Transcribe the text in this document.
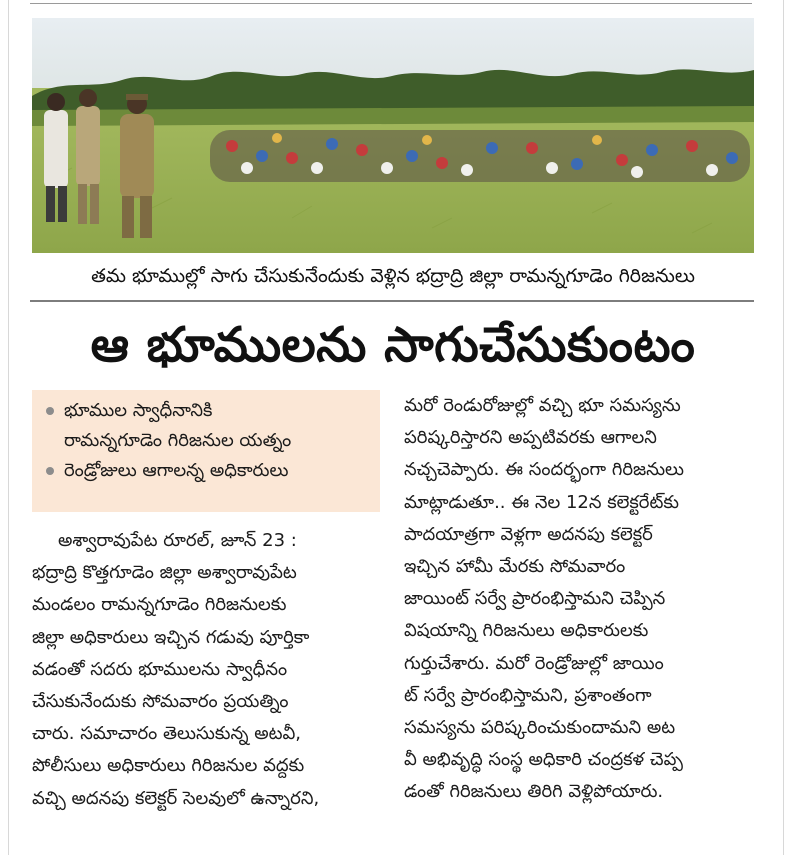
తమ భూముల్లో సాగు చేసుకునేందుకు వెళ్లిన భద్రాద్రి జిల్లా రామన్నగూడెం గిరిజనులు
ఆ భూములను సాగుచేసుకుంటం
భూముల స్వాధీనానికి
రామన్నగూడెం గిరిజనుల యత్నం
రెండ్రోజులు ఆగాలన్న అధికారులు
అశ్వారావుపేట రూరల్‌, జూన్‌ 23 :
భద్రాద్రి కొత్తగూడెం జిల్లా అశ్వారావుపేట
మండలం రామన్నగూడెం గిరిజనులకు
జిల్లా అధికారులు ఇచ్చిన గడువు పూర్తికా
వడంతో సదరు భూములను స్వాధీనం
చేసుకునేందుకు సోమవారం ప్రయత్నిం
చారు. సమాచారం తెలుసుకున్న అటవీ,
పోలీసులు అధికారులు గిరిజనుల వద్దకు
వచ్చి అదనపు కలెక్టర్‌ సెలవులో ఉన్నారని,
మరో రెండురోజుల్లో వచ్చి భూ సమస్యను
పరిష్కరిస్తారని అప్పటివరకు ఆగాలని
నచ్చచెప్పారు. ఈ సందర్భంగా గిరిజనులు
మాట్లాడుతూ.. ఈ నెల 12న కలెక్టరేట్‌కు
పాదయాత్రగా వెళ్లగా అదనపు కలెక్టర్‌
ఇచ్చిన హామీ మేరకు సోమవారం
జాయింట్‌ సర్వే ప్రారంభిస్తామని చెప్పిన
విషయాన్ని గిరిజనులు అధికారులకు
గుర్తుచేశారు. మరో రెండ్రోజుల్లో జాయిం
ట్‌ సర్వే ప్రారంభిస్తామని, ప్రశాంతంగా
సమస్యను పరిష్కరించుకుందామని అట
వీ అభివృద్ధి సంస్థ అధికారి చంద్రకళ చెప్ప
డంతో గిరిజనులు తిరిగి వెళ్లిపోయారు.
